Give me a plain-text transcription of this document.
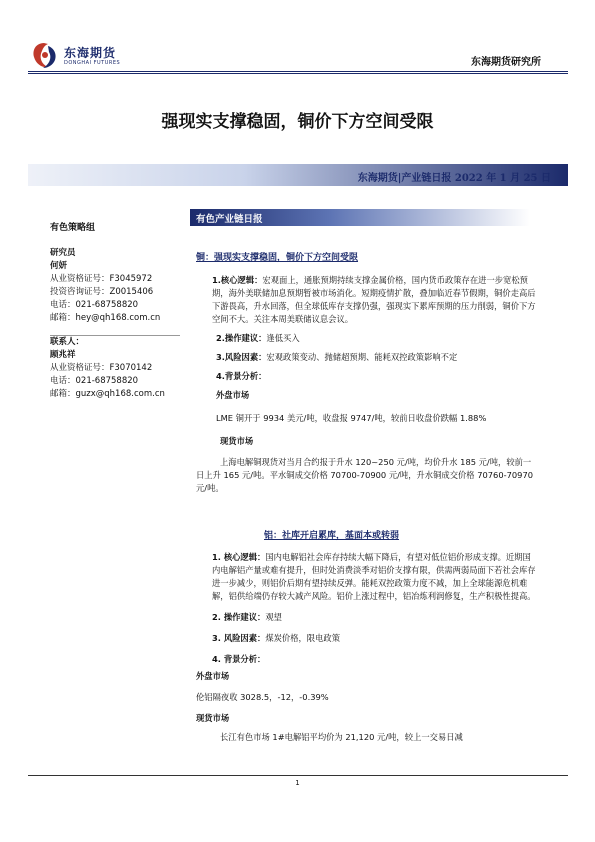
东海期货
DONGHAI FUTURES	东海期货研究所
强现实支撑稳固，铜价下方空间受限
东海期货|产业链日报 2022 年 1 月 25 日
有色策略组
研究员
何妍
从业资格证号：F3045972
投资咨询证号：Z0015406
电话：021-68758820
邮箱：hey@qh168.com.cn
联系人：
顾兆祥
从业资格证号：F3070142
电话：021-68758820
邮箱：guzx@qh168.com.cn
有色产业链日报
铜：强现实支撑稳固，铜价下方空间受限
1.核心逻辑：宏观面上，通胀预期持续支撑金属价格，国内货币政策存在进一步宽松预期，海外美联储加息预期暂被市场消化。短期疫情扩散，叠加临近春节假期，铜价走高后下游畏高，升水回落，但全球低库存支撑仍强，强现实下累库预期的压力削弱，铜价下方空间不大。关注本周美联储议息会议。
2.操作建议：逢低买入
3.风险因素：宏观政策变动、抛储超预期、能耗双控政策影响不定
4.背景分析：
外盘市场
LME 铜开于 9934 美元/吨，收盘报 9747/吨，较前日收盘价跌幅 1.88%
现货市场
上海电解铜现货对当月合约报于升水 120~250 元/吨，均价升水 185 元/吨，较前一日上升 165 元/吨。平水铜成交价格 70700-70900 元/吨，升水铜成交价格 70760-70970 元/吨。
铝：社库开启累库，基面本或转弱
1. 核心逻辑：国内电解铝社会库存持续大幅下降后，有望对低位铝价形成支撑。近期国内电解铝产量或难有提升，但时处消费淡季对铝价支撑有限，供需两弱局面下若社会库存进一步减少，则铝价后期有望持续反弹。能耗双控政策力度不减，加上全球能源危机难解，铝供给端仍存较大减产风险。铝价上涨过程中，铝冶炼利润修复，生产积极性提高。
2. 操作建议：观望
3. 风险因素：煤炭价格，限电政策
4. 背景分析：
外盘市场
伦铝隔夜收 3028.5，-12，-0.39%
现货市场
长江有色市场 1#电解铝平均价为 21,120 元/吨，较上一交易日减
1
